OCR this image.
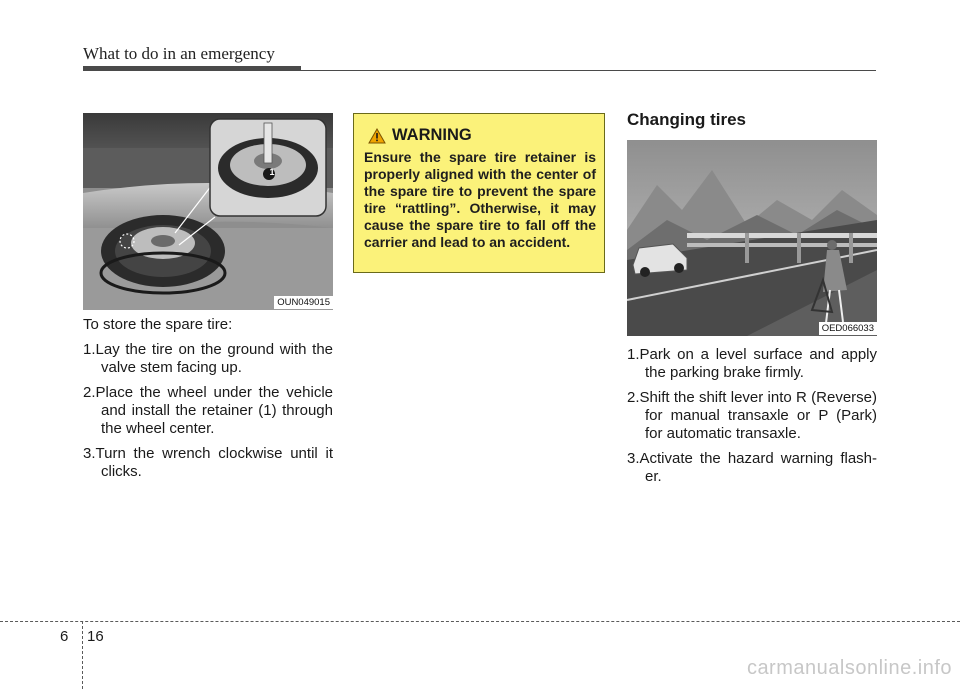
What to do in an emergency
1
OUN049015

To store the spare tire:

1.Lay the tire on the ground with the valve stem facing up.
2.Place the wheel under the vehicle and install the retainer (1) through the wheel center.
3.Turn the wrench clockwise until it clicks.
WARNING
Ensure the spare tire retainer is properly aligned with the center of the spare tire to prevent the spare tire “rattling”. Otherwise, it may cause the spare tire to fall off the carrier and lead to an accident.
Changing tires
OED066033
1.Park on a level surface and apply the parking brake firmly.
2.Shift the shift lever into R (Reverse) for manual transaxle or P (Park) for automatic transaxle.
3.Activate the hazard warning flash-er.
6 16
carmanualsonline.info
